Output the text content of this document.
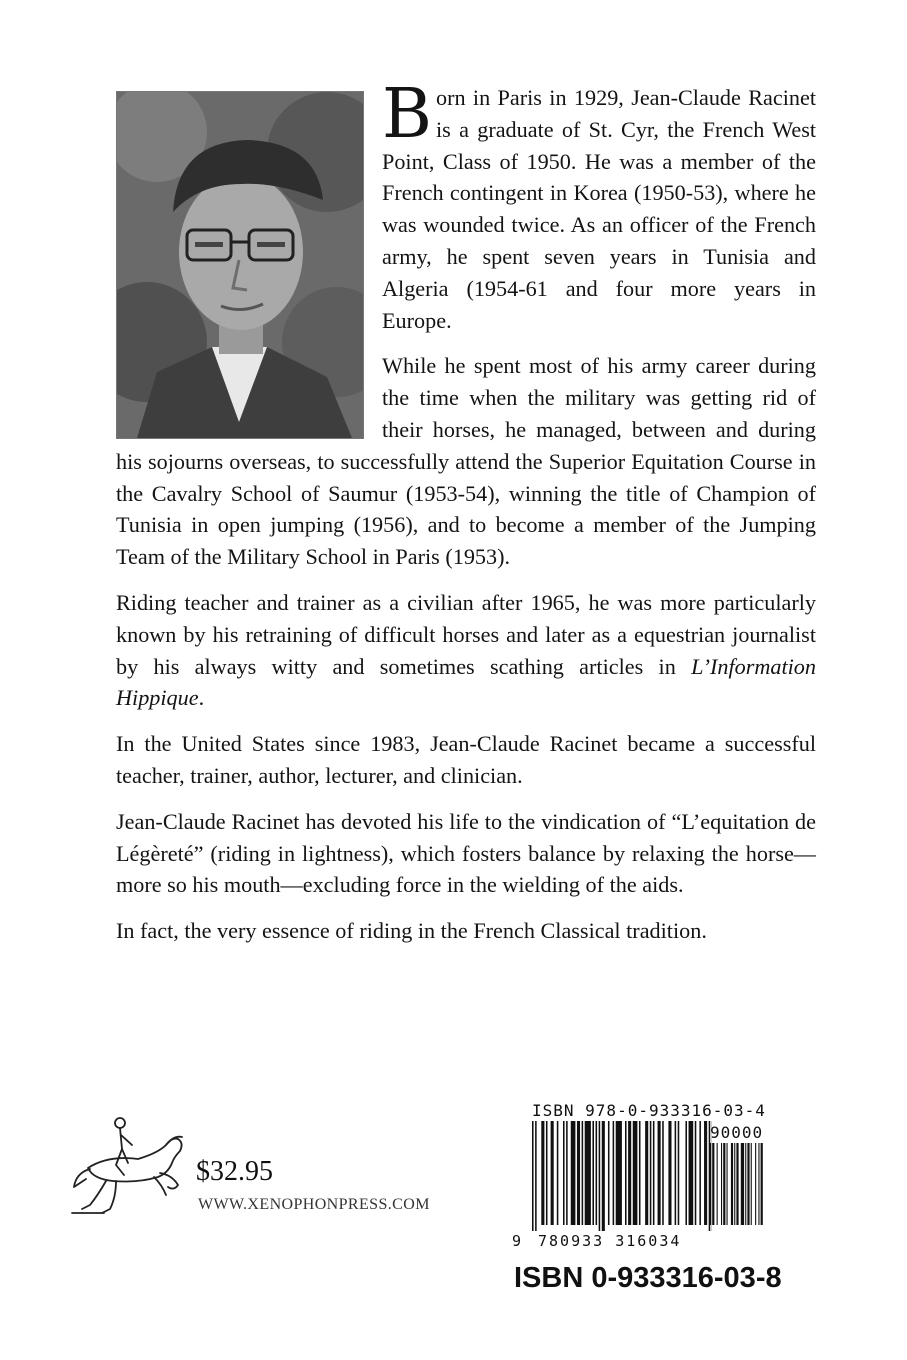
Born in Paris in 1929, Jean-Claude Racinet is a graduate of St. Cyr, the French West Point, Class of 1950. He was a member of the French contingent in Korea (1950-53), where he was wounded twice. As an officer of the French army, he spent seven years in Tunisia and Algeria (1954-61 and four more years in Europe.

While he spent most of his army career during the time when the military was getting rid of their horses, he managed, between and during his sojourns overseas, to successfully attend the Superior Equitation Course in the Cavalry School of Saumur (1953-54), winning the title of Champion of Tunisia in open jumping (1956), and to become a member of the Jumping Team of the Military School in Paris (1953).

Riding teacher and trainer as a civilian after 1965, he was more particularly known by his retraining of difficult horses and later as a equestrian journalist by his always witty and sometimes scathing articles in L’Information Hippique.

In the United States since 1983, Jean-Claude Racinet became a successful teacher, trainer, author, lecturer, and clinician.

Jean-Claude Racinet has devoted his life to the vindication of “L’equitation de Légèreté” (riding in lightness), which fosters balance by relaxing the horse—more so his mouth—excluding force in the wielding of the aids.

In fact, the very essence of riding in the French Classical tradition.

$32.95
WWW.XENOPHONPRESS.COM
ISBN 978-0-933316-03-4
90000
9 780933 316034
ISBN 0-933316-03-8
